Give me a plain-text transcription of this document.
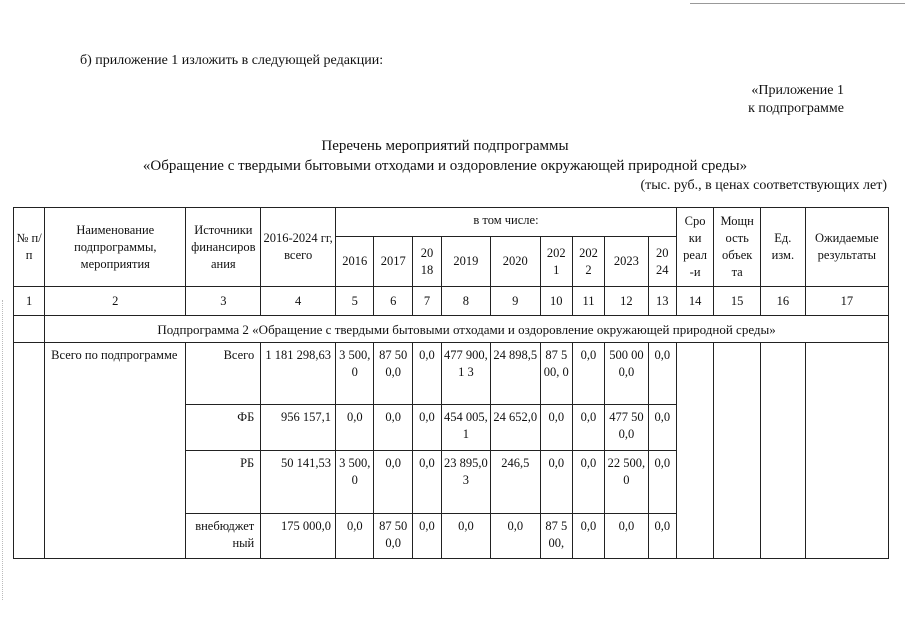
б) приложение 1 изложить в следующей редакции:
«Приложение 1
к подпрограмме
Перечень мероприятий подпрограммы
«Обращение с твердыми бытовыми отходами и оздоровление окружающей природной среды»
(тыс. руб., в ценах соответствующих лет)
№ п/п	Наименование подпрограммы, мероприятия	Источники финансиров ания	2016-2024 гг, всего	в том числе:									Сро ки реал -и	Мощн ость объек та	Ед. изм.	Ожидаемые результаты
				2016	2017	20 18	2019	2020	202 1	202 2	2023	20 24				
1	2	3	4	5	6	7	8	9	10	11	12	13	14	15	16	17
	Подпрограмма 2 «Обращение с твердыми бытовыми отходами и оздоровление окружающей природной среды»															
	Всего по подпрограмме	Всего	1 181 298,63	3 500,0	87 500,0	0,0	477 900,1 3	24 898,5	87 500, 0	0,0	500 000,0	0,0				
		ФБ	956 157,1	0,0	0,0	0,0	454 005,1	24 652,0	0,0	0,0	477 500,0	0,0				
		РБ	50 141,53	3 500,0	0,0	0,0	23 895,0 3	246,5	0,0	0,0	22 500,0	0,0				
		внебюджет ный	175 000,0	0,0	87 500,0	0,0	0,0	0,0	87 500,	0,0	0,0	0,0				
